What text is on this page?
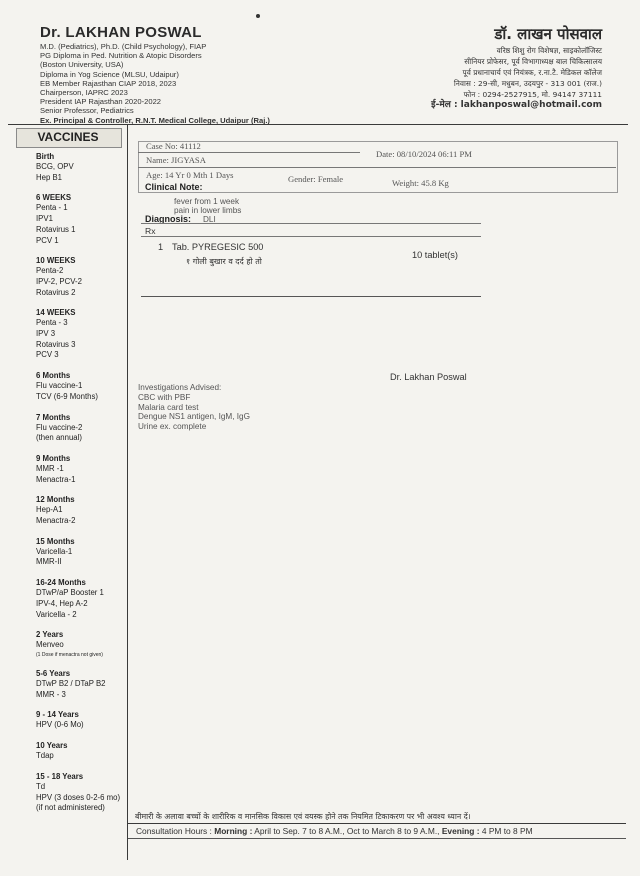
Dr. LAKHAN POSWAL
M.D. (Pediatrics), Ph.D. (Child Psychology), FIAP
PG Diploma in Ped. Nutrition & Atopic Disorders
(Boston University, USA)
Diploma in Yog Science (MLSU, Udaipur)
EB Member Rajasthan CIAP 2018, 2023
Chairperson, IAPRC 2023
President IAP Rajasthan 2020-2022
Senior Professor, Pediatrics
Ex. Principal & Controller, R.N.T. Medical College, Udaipur (Raj.)
डॉ. लाखन पोसवाल
वरिष्ठ शिशु रोग विशेषज्ञ, साइकोलॉजिस्ट
सीनियर प्रोफेसर, पूर्व विभागाध्यक्ष बाल चिकित्सालय
पूर्व प्रधानाचार्य एवं नियंत्रक, र.ना.टै. मेडिकल कॉलेज
निवास : 29-सी, मधुबन, उदयपुर - 313 001 (राज.)
फोन : 0294-2527915, मो. 94147 37111
ई-मेल : lakhanposwal@hotmail.com
VACCINES
Birth
BCG, OPV
Hep B1
6 WEEKS
Penta - 1
IPV1
Rotavirus 1
PCV 1
10 WEEKS
Penta-2
IPV-2, PCV-2
Rotavirus 2
14 WEEKS
Penta - 3
IPV 3
Rotavirus 3
PCV 3
6 Months
Flu vaccine-1
TCV (6-9 Months)
7 Months
Flu vaccine-2
(then annual)
9 Months
MMR -1
Menactra-1
12 Months
Hep-A1
Menactra-2
15 Months
Varicella-1
MMR-II
16-24 Months
DTwP/aP Booster 1
IPV-4, Hep A-2
Varicella - 2
2 Years
Menveo
(1 Dose if menactra not given)
5-6 Years
DTwP B2 / DTaP B2
MMR - 3
9 - 14 Years
HPV (0-6 Mo)
10 Years
Tdap
15 - 18 Years
Td
HPV (3 doses 0-2-6 mo)
(if not administered)
Case No: 41112
Date: 08/10/2024 06:11 PM
Name: JIGYASA
Age: 14 Yr 0 Mth 1 Days	Gender: Female	Weight: 45.8 Kg
Clinical Note:
fever from 1 week
pain in lower limbs
Diagnosis: DLI
Rx
1 Tab. PYREGESIC 500
10 tablet(s)
१ गोली बुखार व दर्द हो तो
Dr. Lakhan Poswal
Investigations Advised:
CBC with PBF
Malaria card test
Dengue NS1 antigen, IgM, IgG
Urine ex. complete
बीमारी के अलावा बच्चों के शारीरिक व मानसिक विकास एवं वयस्क होने तक नियमित टिकाकरण पर भी अवश्य ध्यान दें।
Consultation Hours : Morning : April to Sep. 7 to 8 A.M., Oct to March 8 to 9 A.M., Evening : 4 PM to 8 PM
